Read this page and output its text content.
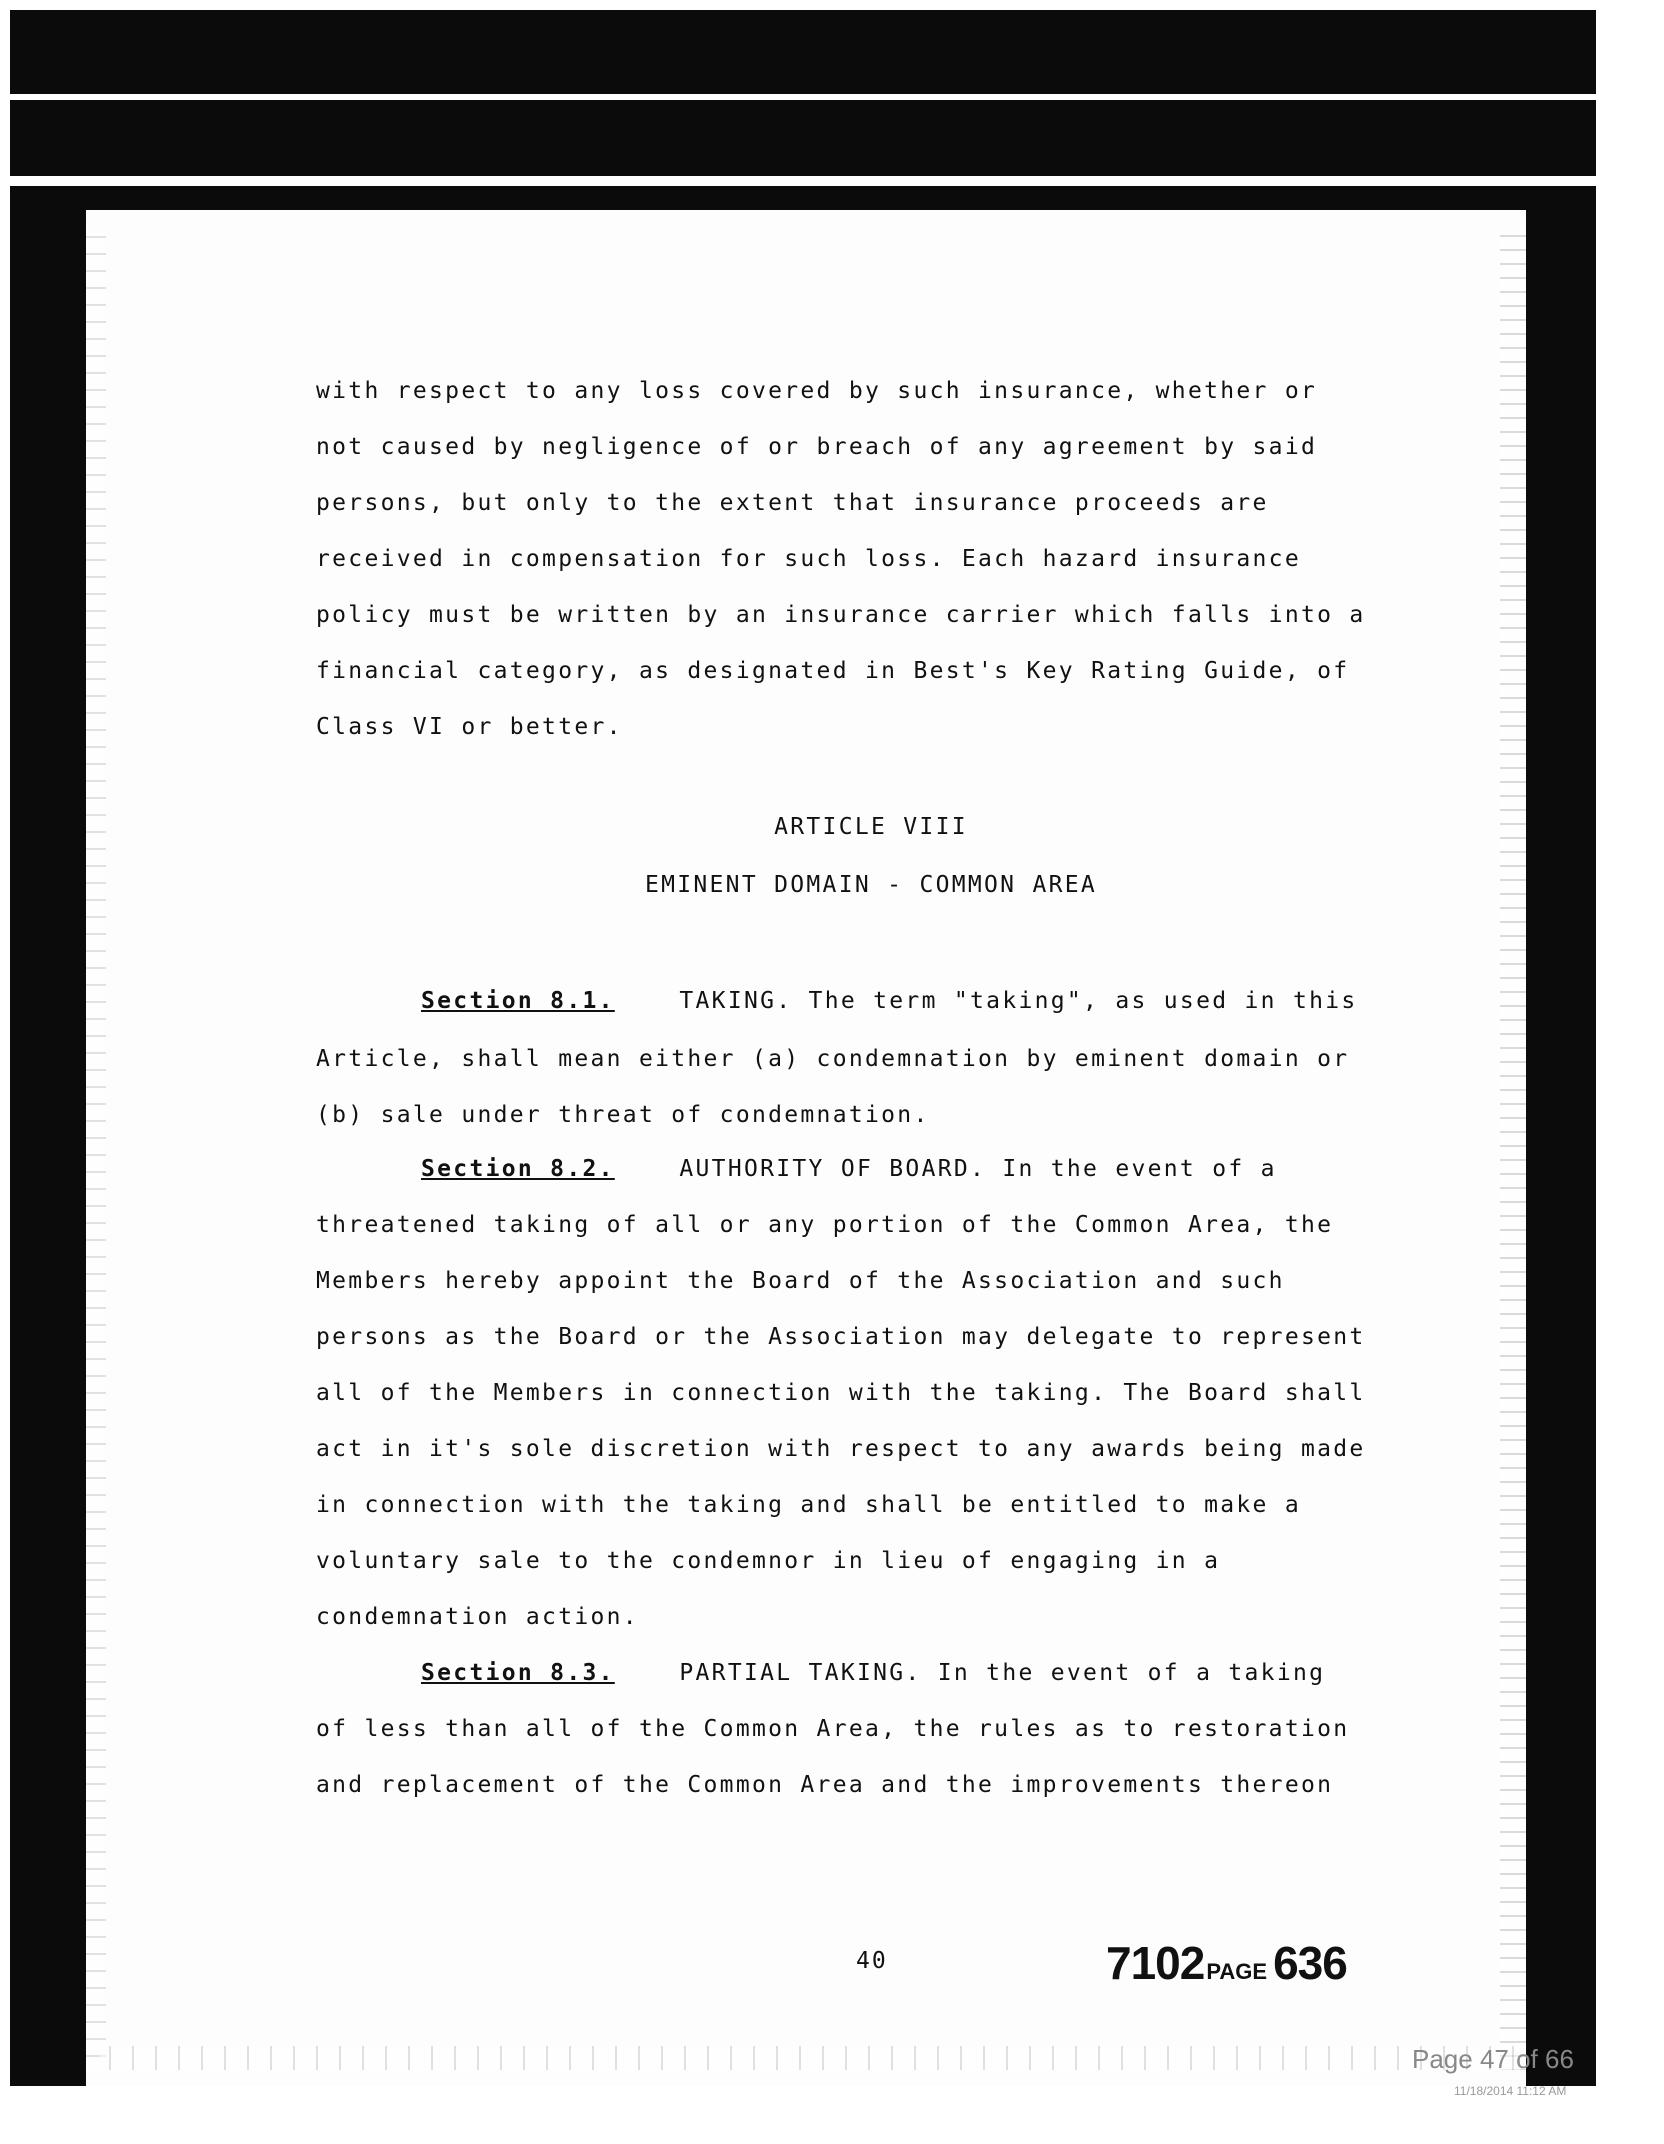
with respect to any loss covered by such insurance, whether or
not caused by negligence of or breach of any agreement by said
persons, but only to the extent that insurance proceeds are
received in compensation for such loss. Each hazard insurance
policy must be written by an insurance carrier which falls into a
financial category, as designated in Best's Key Rating Guide, of
Class VI or better.
ARTICLE VIII
EMINENT DOMAIN - COMMON AREA
Section 8.1.	TAKING. The term "taking", as used in this
Article, shall mean either (a) condemnation by eminent domain or
(b) sale under threat of condemnation.
Section 8.2.	AUTHORITY OF BOARD. In the event of a
threatened taking of all or any portion of the Common Area, the
Members hereby appoint the Board of the Association and such
persons as the Board or the Association may delegate to represent
all of the Members in connection with the taking. The Board shall
act in it's sole discretion with respect to any awards being made
in connection with the taking and shall be entitled to make a
voluntary sale to the condemnor in lieu of engaging in a
condemnation action.
Section 8.3.	PARTIAL TAKING. In the event of a taking
of less than all of the Common Area, the rules as to restoration
and replacement of the Common Area and the improvements thereon
40	7102PAGE 636
Page 47 of 66
11/18/2014 11:12 AM
